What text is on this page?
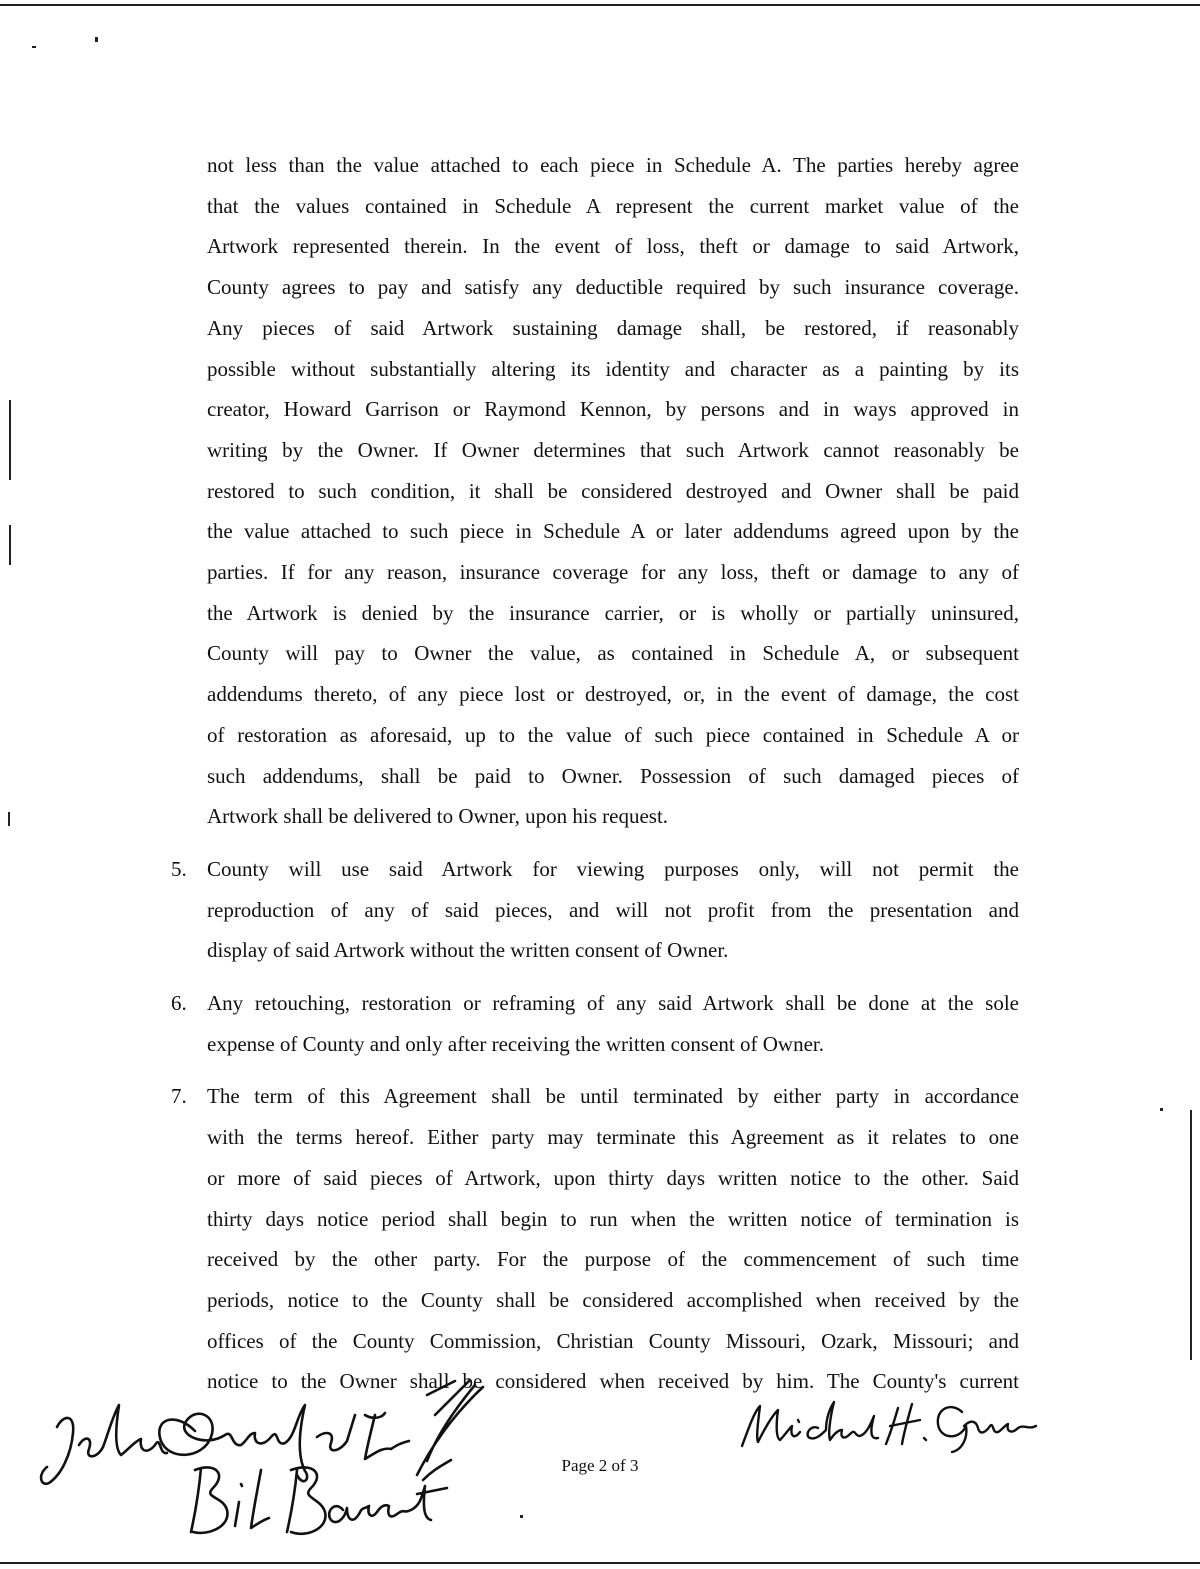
not less than the value attached to each piece in Schedule A. The parties hereby agree
that the values contained in Schedule A represent the current market value of the
Artwork represented therein. In the event of loss, theft or damage to said Artwork,
County agrees to pay and satisfy any deductible required by such insurance coverage.
Any pieces of said Artwork sustaining damage shall, be restored, if reasonably
possible without substantially altering its identity and character as a painting by its
creator, Howard Garrison or Raymond Kennon, by persons and in ways approved in
writing by the Owner. If Owner determines that such Artwork cannot reasonably be
restored to such condition, it shall be considered destroyed and Owner shall be paid
the value attached to such piece in Schedule A or later addendums agreed upon by the
parties. If for any reason, insurance coverage for any loss, theft or damage to any of
the Artwork is denied by the insurance carrier, or is wholly or partially uninsured,
County will pay to Owner the value, as contained in Schedule A, or subsequent
addendums thereto, of any piece lost or destroyed, or, in the event of damage, the cost
of restoration as aforesaid, up to the value of such piece contained in Schedule A or
such addendums, shall be paid to Owner. Possession of such damaged pieces of
Artwork shall be delivered to Owner, upon his request.
5. County will use said Artwork for viewing purposes only, will not permit the
reproduction of any of said pieces, and will not profit from the presentation and
display of said Artwork without the written consent of Owner.
6. Any retouching, restoration or reframing of any said Artwork shall be done at the sole
expense of County and only after receiving the written consent of Owner.
7. The term of this Agreement shall be until terminated by either party in accordance
with the terms hereof. Either party may terminate this Agreement as it relates to one
or more of said pieces of Artwork, upon thirty days written notice to the other. Said
thirty days notice period shall begin to run when the written notice of termination is
received by the other party. For the purpose of the commencement of such time
periods, notice to the County shall be considered accomplished when received by the
offices of the County Commission, Christian County Missouri, Ozark, Missouri; and
notice to the Owner shall be considered when received by him. The County's current
Page 2 of 3
